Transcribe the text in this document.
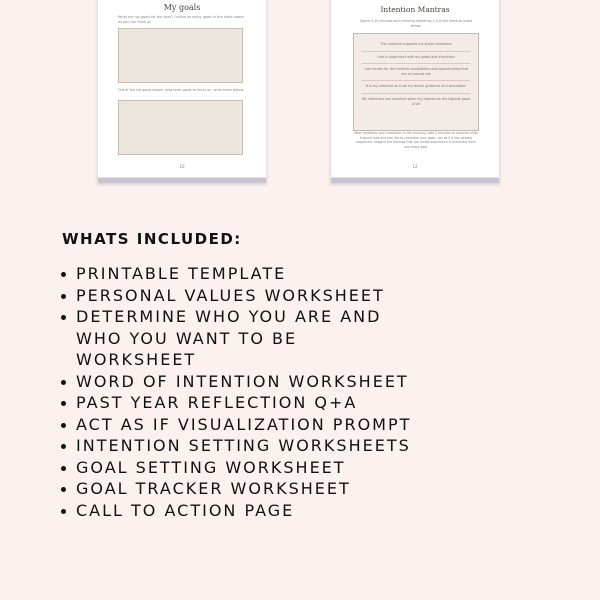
My goals
What are my goals for the year? Outline as many goals in the blank space as you can think of.
Out of the list goals above, long term goals to focus on, write them below:
10
Intention Mantras
Spend 5-10 minutes each morning repeating 3-5 of the mantras listed below.

The universe supports my vision intentions

I am in alignment with my goals and intentions

I am tender for the limitless possibilities and opportunities that are all around me

It is my intention to trust my divine guidance and perception

My intentions are manifest when my desires for the highest good of all

After repeating your intentions in the morning, take 5 minutes to visualize what it would look and feel like to complete your goals. Act as if it has already happened. Imagine the feelings that you would experience in achieving each and every goal.
12
WHATS INCLUDED:
PRINTABLE TEMPLATE
PERSONAL VALUES WORKSHEET
DETERMINE WHO YOU ARE AND WHO YOU WANT TO BE WORKSHEET
WORD OF INTENTION WORKSHEET
PAST YEAR REFLECTION Q+A
ACT AS IF VISUALIZATION PROMPT
INTENTION SETTING WORKSHEETS
GOAL SETTING WORKSHEET
GOAL TRACKER WORKSHEET
CALL TO ACTION PAGE
